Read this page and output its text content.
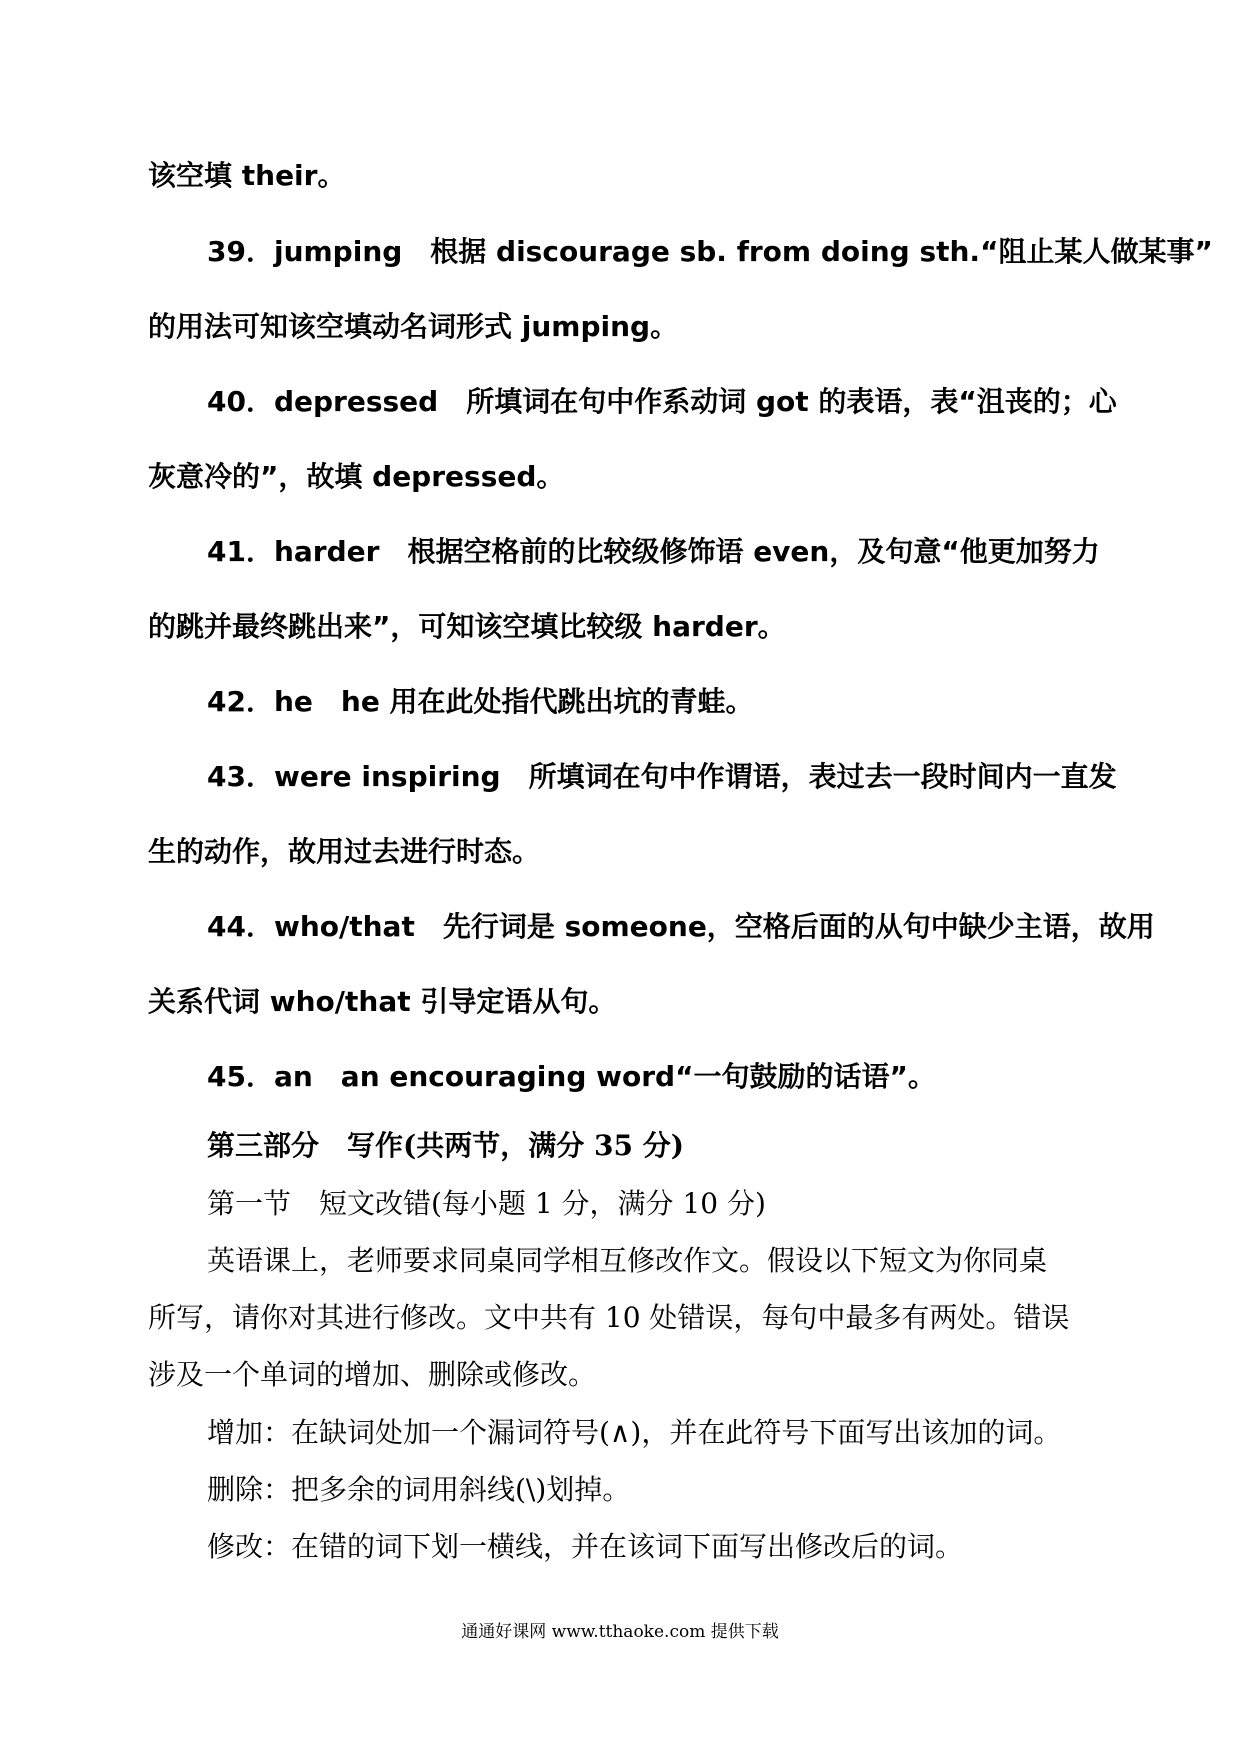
该空填 their。
39．jumping　根据 discourage sb. from doing sth.“阻止某人做某事”
的用法可知该空填动名词形式 jumping。
40．depressed　所填词在句中作系动词 got 的表语，表“沮丧的；心
灰意冷的”，故填 depressed。
41．harder　根据空格前的比较级修饰语 even，及句意“他更加努力
的跳并最终跳出来”，可知该空填比较级 harder。
42．he　he 用在此处指代跳出坑的青蛙。
43．were inspiring　所填词在句中作谓语，表过去一段时间内一直发
生的动作，故用过去进行时态。
44．who/that　先行词是 someone，空格后面的从句中缺少主语，故用
关系代词 who/that 引导定语从句。
45．an　an encouraging word“一句鼓励的话语”。
第三部分　写作(共两节，满分 35 分)
第一节　短文改错(每小题 1 分，满分 10 分)
英语课上，老师要求同桌同学相互修改作文。假设以下短文为你同桌
所写，请你对其进行修改。文中共有 10 处错误，每句中最多有两处。错误
涉及一个单词的增加、删除或修改。
增加：在缺词处加一个漏词符号(∧)，并在此符号下面写出该加的词。
删除：把多余的词用斜线(\)划掉。
修改：在错的词下划一横线，并在该词下面写出修改后的词。
通通好课网 www.tthaoke.com 提供下载
